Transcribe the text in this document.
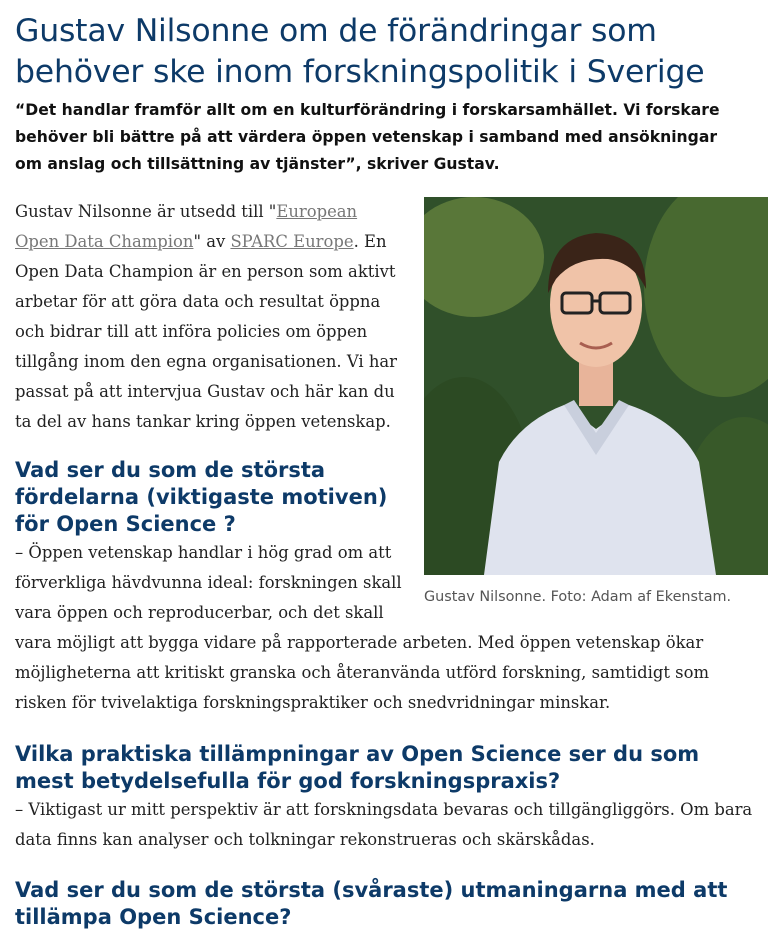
Gustav Nilsonne om de förändringar som behöver ske inom forskningspolitik i Sverige

“Det handlar framför allt om en kulturförändring i forskarsamhället. Vi forskare behöver bli bättre på att värdera öppen vetenskap i samband med ansökningar om anslag och tillsättning av tjänster”, skriver Gustav.

Gustav Nilsonne. Foto: Adam af Ekenstam.

Gustav Nilsonne är utsedd till "European Open Data Champion" av SPARC Europe. En Open Data Champion är en person som aktivt arbetar för att göra data och resultat öppna och bidrar till att införa policies om öppen tillgång inom den egna organisationen. Vi har passat på att intervjua Gustav och här kan du ta del av hans tankar kring öppen vetenskap.

Vad ser du som de största fördelarna (viktigaste motiven) för Open Science ?

– Öppen vetenskap handlar i hög grad om att förverkliga hävdvunna ideal: forskningen skall vara öppen och reproducerbar, och det skall vara möjligt att bygga vidare på rapporterade arbeten. Med öppen vetenskap ökar möjligheterna att kritiskt granska och återanvända utförd forskning, samtidigt som risken för tvivelaktiga forskningspraktiker och snedvridningar minskar.

Vilka praktiska tillämpningar av Open Science ser du som mest betydelsefulla för god forskningspraxis?

– Viktigast ur mitt perspektiv är att forskningsdata bevaras och tillgängliggörs. Om bara data finns kan analyser och tolkningar rekonstrueras och skärskådas.

Vad ser du som de största (svåraste) utmaningarna med att tillämpa Open Science?
